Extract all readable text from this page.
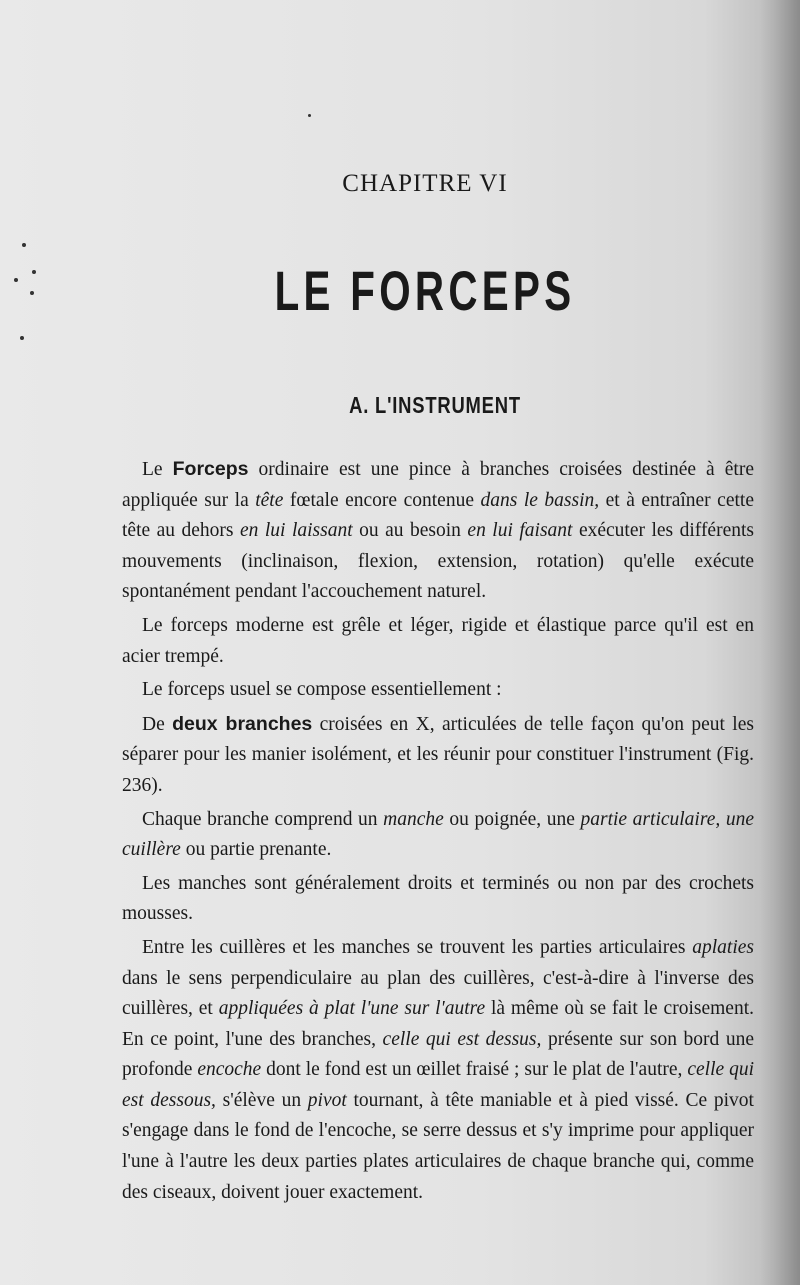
CHAPITRE VI
LE FORCEPS
A. L'INSTRUMENT

Le Forceps ordinaire est une pince à branches croisées destinée à être appliquée sur la tête fœtale encore contenue dans le bassin, et à entraîner cette tête au dehors en lui laissant ou au besoin en lui faisant exécuter les différents mouvements (inclinaison, flexion, extension, rotation) qu'elle exécute spontanément pendant l'accouchement naturel.

Le forceps moderne est grêle et léger, rigide et élastique parce qu'il est en acier trempé.

Le forceps usuel se compose essentiellement :

De deux branches croisées en X, articulées de telle façon qu'on peut les séparer pour les manier isolément, et les réunir pour constituer l'instrument (Fig. 236).

Chaque branche comprend un manche ou poignée, une partie articulaire, une cuillère ou partie prenante.

Les manches sont généralement droits et terminés ou non par des crochets mousses.

Entre les cuillères et les manches se trouvent les parties articulaires aplaties dans le sens perpendiculaire au plan des cuillères, c'est-à-dire à l'inverse des cuillères, et appliquées à plat l'une sur l'autre là même où se fait le croisement. En ce point, l'une des branches, celle qui est dessus, présente sur son bord une profonde encoche dont le fond est un œillet fraisé ; sur le plat de l'autre, celle qui est dessous, s'élève un pivot tournant, à tête maniable et à pied vissé. Ce pivot s'engage dans le fond de l'encoche, se serre dessus et s'y imprime pour appliquer l'une à l'autre les deux parties plates articulaires de chaque branche qui, comme des ciseaux, doivent jouer exactement.
